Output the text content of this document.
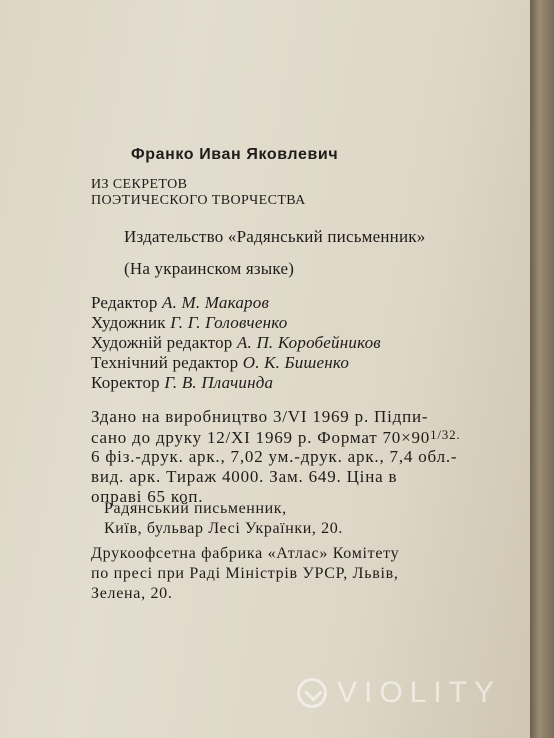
Франко Иван Яковлевич
ИЗ СЕКРЕТОВ
ПОЭТИЧЕСКОГО ТВОРЧЕСТВА
Издательство «Радянський письменник»
(На украинском языке)
Редактор А. М. Макаров
Художник Г. Г. Головченко
Художній редактор А. П. Коробейников
Технічний редактор О. К. Бишенко
Коректор Г. В. Плачинда
Здано на виробництво 3/VI 1969 р. Підпи-
сано до друку 12/XI 1969 р. Формат $70\times 90^{1/32.}$
6 фіз.-друк. арк., 7,02 ум.-друк. арк., 7,4 обл.-
вид. арк. Тираж 4000. Зам. 649. Ціна в
оправі 65 коп.
Радянський письменник,
Київ, бульвар Лесі Українки, 20.
Друкоофсетна фабрика «Атлас» Комітету
по пресі при Раді Міністрів УРСР, Львів,
Зелена, 20.
VIOLITY
